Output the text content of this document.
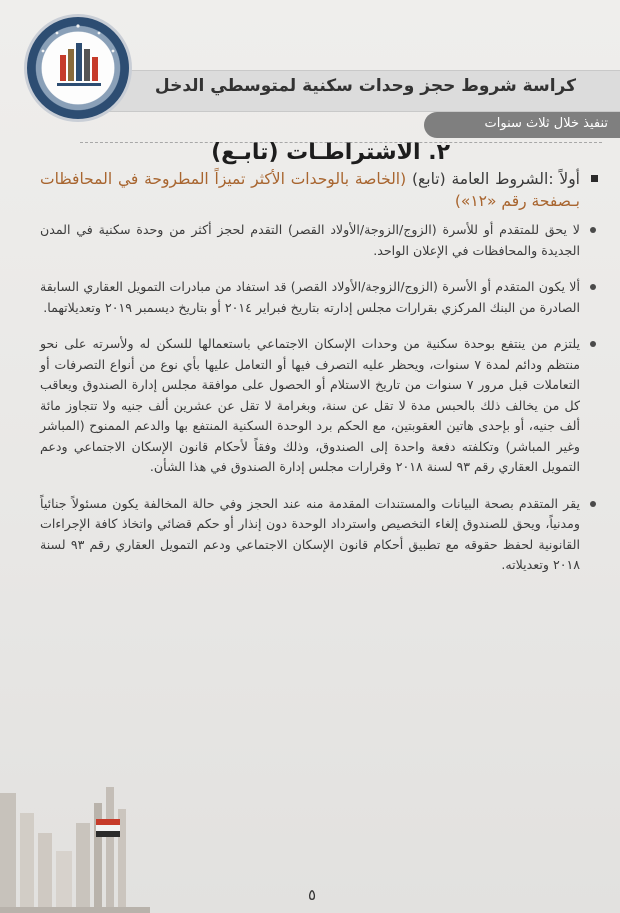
كراسة شروط حجز وحدات سكنية لمتوسطي الدخل
تنفيذ خلال ثلاث سنوات
٢. الاشتراطـات (تابـع)
أولاً :الشروط العامة (تابع) (الخاصة بالوحدات الأكثر تميزاً المطروحة في المحافظات بـصفحة رقم «١٢»)
لا يحق للمتقدم أو للأسرة (الزوج/الزوجة/الأولاد القصر) التقدم لحجز أكثر من وحدة سكنية في المدن الجديدة والمحافظات في الإعلان الواحد.
ألا يكون المتقدم أو الأسرة (الزوج/الزوجة/الأولاد القصر) قد استفاد من مبادرات التمويل العقاري السابقة الصادرة من البنك المركزي بقرارات مجلس إدارته بتاريخ فبراير ٢٠١٤ أو بتاريخ ديسمبر ٢٠١٩ وتعديلاتهما.
يلتزم من ينتفع بوحدة سكنية من وحدات الإسكان الاجتماعي باستعمالها للسكن له ولأسرته على نحو منتظم ودائم لمدة ٧ سنوات، ويحظر عليه التصرف فيها أو التعامل عليها بأي نوع من أنواع التصرفات أو التعاملات قبل مرور ٧ سنوات من تاريخ الاستلام أو الحصول على موافقة مجلس إدارة الصندوق ويعاقب كل من يخالف ذلك بالحبس مدة لا تقل عن سنة، وبغرامة لا تقل عن عشرين ألف جنيه ولا تتجاوز مائة ألف جنيه، أو بإحدى هاتين العقوبتين، مع الحكم برد الوحدة السكنية المنتفع بها والدعم الممنوح (المباشر وغير المباشر) وتكلفته دفعة واحدة إلى الصندوق، وذلك وفقاً لأحكام قانون الإسكان الاجتماعي ودعم التمويل العقاري رقم ٩٣ لسنة ٢٠١٨ وقرارات مجلس إدارة الصندوق في هذا الشأن.
يقر المتقدم بصحة البيانات والمستندات المقدمة منه عند الحجز وفي حالة المخالفة يكون مسئولاً جنائياً ومدنياً، ويحق للصندوق إلغاء التخصيص واسترداد الوحدة دون إنذار أو حكم قضائي واتخاذ كافة الإجراءات القانونية لحفظ حقوقه مع تطبيق أحكام قانون الإسكان الاجتماعي ودعم التمويل العقاري رقم ٩٣ لسنة ٢٠١٨ وتعديلاته.
٥
